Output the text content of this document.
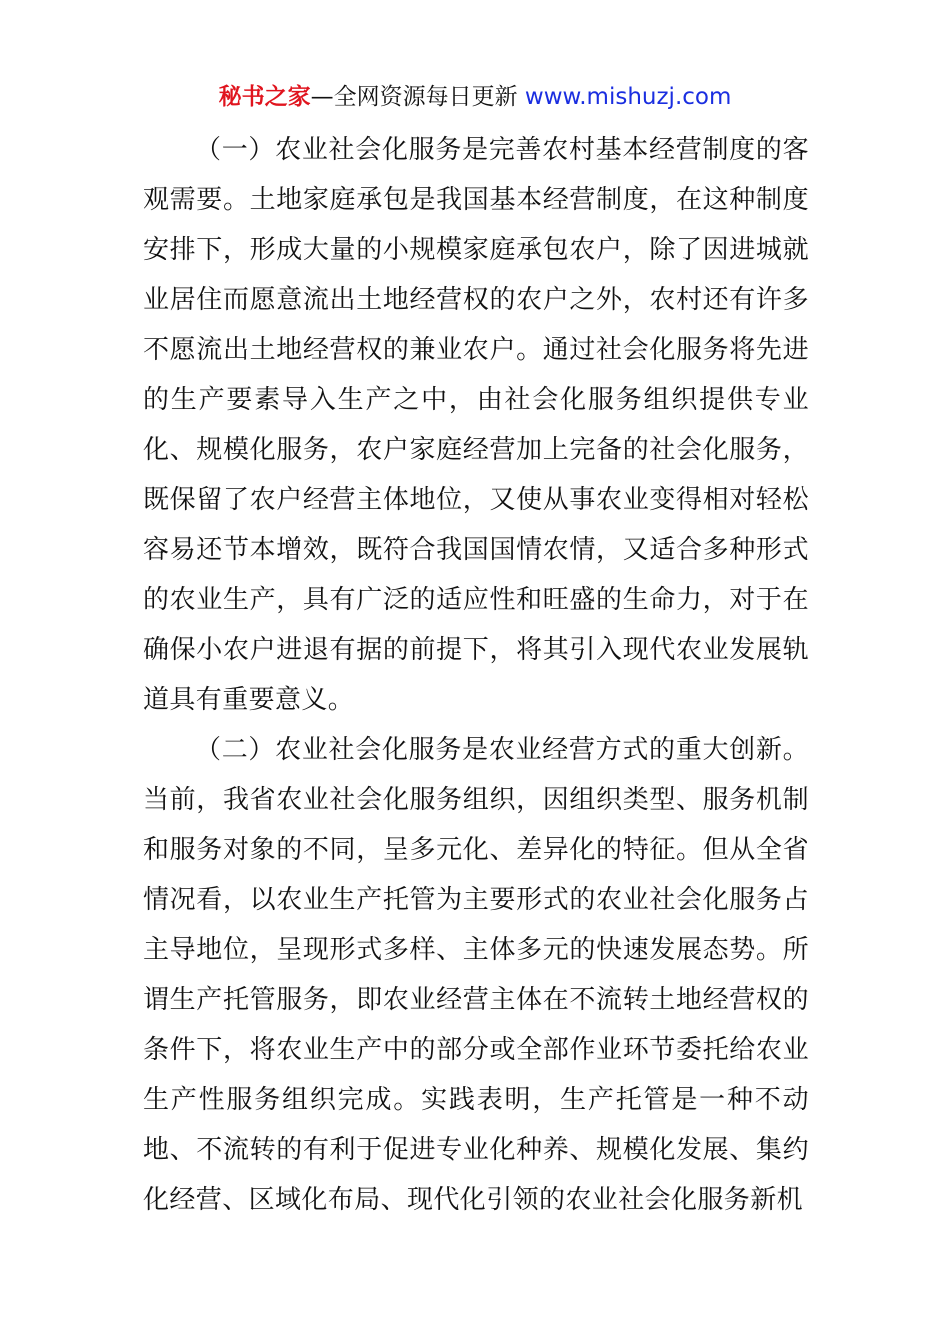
秘书之家—全网资源每日更新 www.mishuzj.com

（一）农业社会化服务是完善农村基本经营制度的客观需要。土地家庭承包是我国基本经营制度，在这种制度安排下，形成大量的小规模家庭承包农户，除了因进城就业居住而愿意流出土地经营权的农户之外，农村还有许多不愿流出土地经营权的兼业农户。通过社会化服务将先进的生产要素导入生产之中，由社会化服务组织提供专业化、规模化服务，农户家庭经营加上完备的社会化服务，既保留了农户经营主体地位，又使从事农业变得相对轻松容易还节本增效，既符合我国国情农情，又适合多种形式的农业生产，具有广泛的适应性和旺盛的生命力，对于在确保小农户进退有据的前提下，将其引入现代农业发展轨道具有重要意义。

（二）农业社会化服务是农业经营方式的重大创新。当前，我省农业社会化服务组织，因组织类型、服务机制和服务对象的不同，呈多元化、差异化的特征。但从全省情况看，以农业生产托管为主要形式的农业社会化服务占主导地位，呈现形式多样、主体多元的快速发展态势。所谓生产托管服务，即农业经营主体在不流转土地经营权的条件下，将农业生产中的部分或全部作业环节委托给农业生产性服务组织完成。实践表明，生产托管是一种不动地、不流转的有利于促进专业化种养、规模化发展、集约化经营、区域化布局、现代化引领的农业社会化服务新机
